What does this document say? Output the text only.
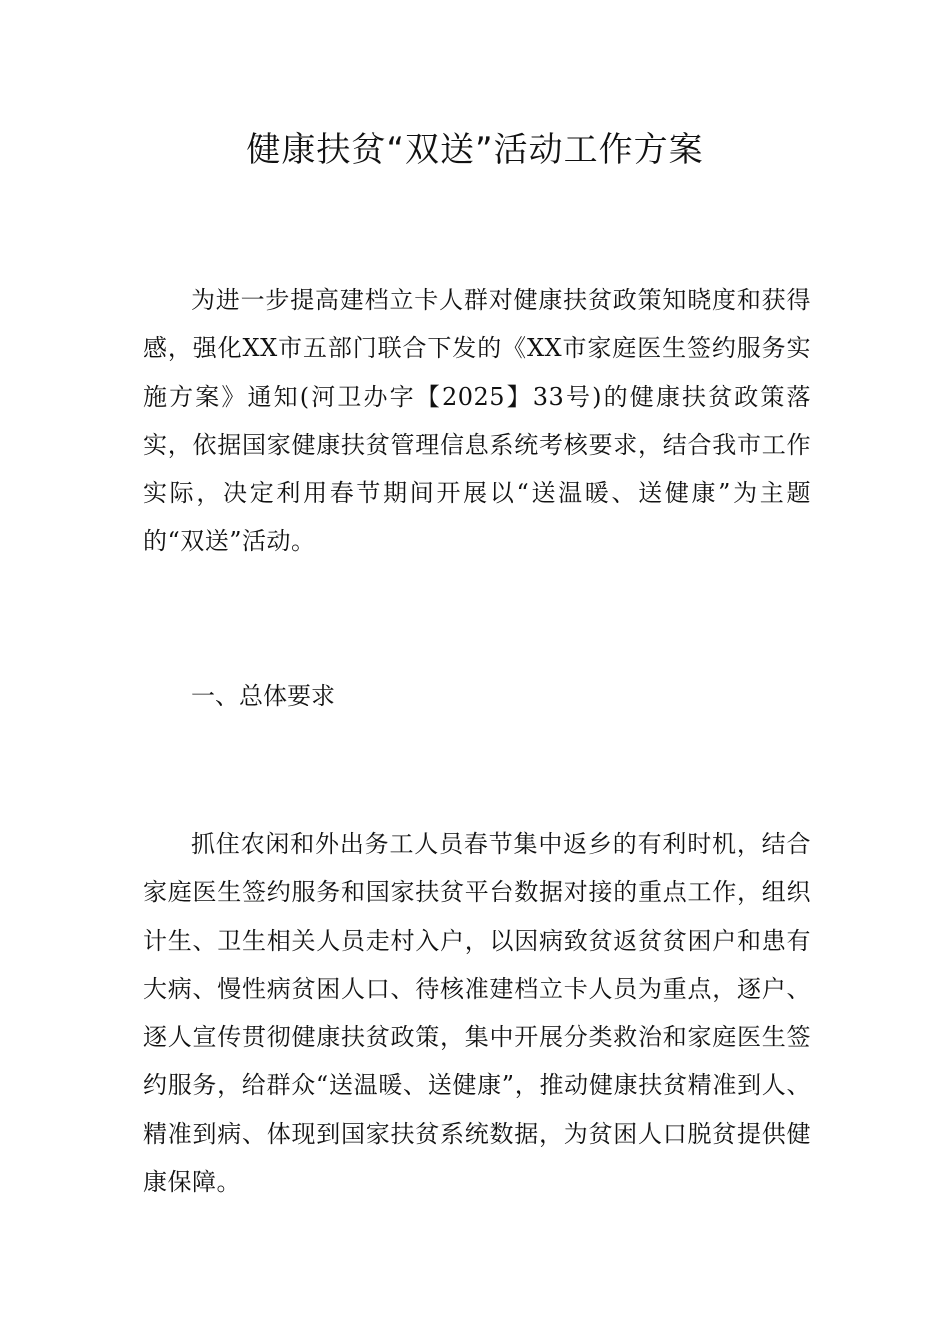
健康扶贫“双送”活动工作方案

为进一步提高建档立卡人群对健康扶贫政策知晓度和获得感，强化XX市五部门联合下发的《XX市家庭医生签约服务实施方案》通知(河卫办字【2025】33号)的健康扶贫政策落实，依据国家健康扶贫管理信息系统考核要求，结合我市工作实际，决定利用春节期间开展以“送温暖、送健康”为主题的“双送”活动。

一、总体要求

抓住农闲和外出务工人员春节集中返乡的有利时机，结合家庭医生签约服务和国家扶贫平台数据对接的重点工作，组织计生、卫生相关人员走村入户，以因病致贫返贫贫困户和患有大病、慢性病贫困人口、待核准建档立卡人员为重点，逐户、逐人宣传贯彻健康扶贫政策，集中开展分类救治和家庭医生签约服务，给群众“送温暖、送健康”，推动健康扶贫精准到人、精准到病、体现到国家扶贫系统数据，为贫困人口脱贫提供健康保障。
